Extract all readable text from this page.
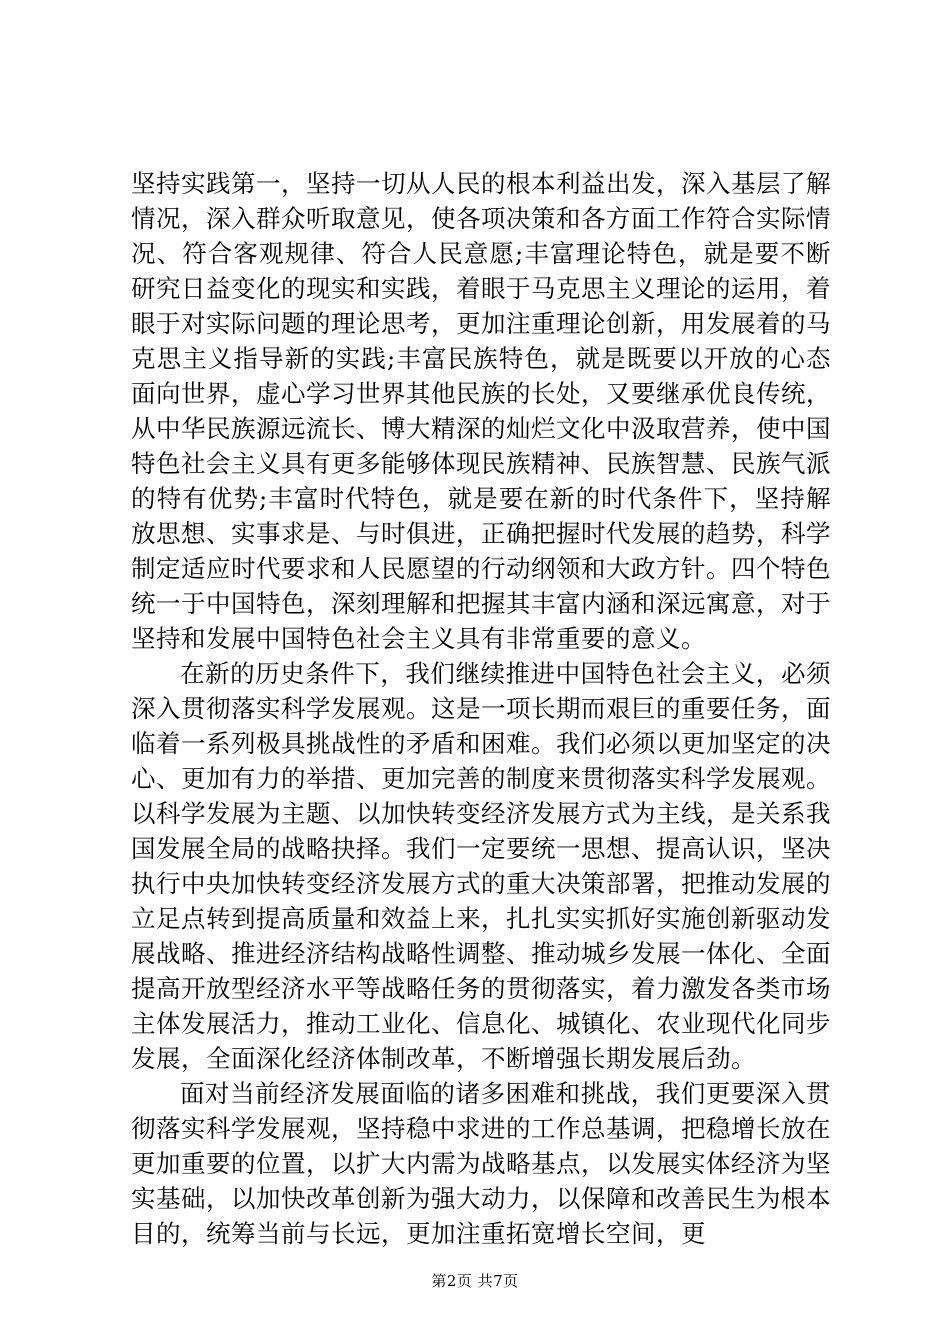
坚持实践第一，坚持一切从人民的根本利益出发，深入基层了解情况，深入群众听取意见，使各项决策和各方面工作符合实际情况、符合客观规律、符合人民意愿;丰富理论特色，就是要不断研究日益变化的现实和实践，着眼于马克思主义理论的运用，着眼于对实际问题的理论思考，更加注重理论创新，用发展着的马克思主义指导新的实践;丰富民族特色，就是既要以开放的心态面向世界，虚心学习世界其他民族的长处，又要继承优良传统，从中华民族源远流长、博大精深的灿烂文化中汲取营养，使中国特色社会主义具有更多能够体现民族精神、民族智慧、民族气派的特有优势;丰富时代特色，就是要在新的时代条件下，坚持解放思想、实事求是、与时俱进，正确把握时代发展的趋势，科学制定适应时代要求和人民愿望的行动纲领和大政方针。四个特色统一于中国特色，深刻理解和把握其丰富内涵和深远寓意，对于坚持和发展中国特色社会主义具有非常重要的意义。

在新的历史条件下，我们继续推进中国特色社会主义，必须深入贯彻落实科学发展观。这是一项长期而艰巨的重要任务，面临着一系列极具挑战性的矛盾和困难。我们必须以更加坚定的决心、更加有力的举措、更加完善的制度来贯彻落实科学发展观。以科学发展为主题、以加快转变经济发展方式为主线，是关系我国发展全局的战略抉择。我们一定要统一思想、提高认识，坚决执行中央加快转变经济发展方式的重大决策部署，把推动发展的立足点转到提高质量和效益上来，扎扎实实抓好实施创新驱动发展战略、推进经济结构战略性调整、推动城乡发展一体化、全面提高开放型经济水平等战略任务的贯彻落实，着力激发各类市场主体发展活力，推动工业化、信息化、城镇化、农业现代化同步发展，全面深化经济体制改革，不断增强长期发展后劲。

面对当前经济发展面临的诸多困难和挑战，我们更要深入贯彻落实科学发展观，坚持稳中求进的工作总基调，把稳增长放在更加重要的位置，以扩大内需为战略基点，以发展实体经济为坚实基础，以加快改革创新为强大动力，以保障和改善民生为根本目的，统筹当前与长远，更加注重拓宽增长空间，更

第2页 共7页
